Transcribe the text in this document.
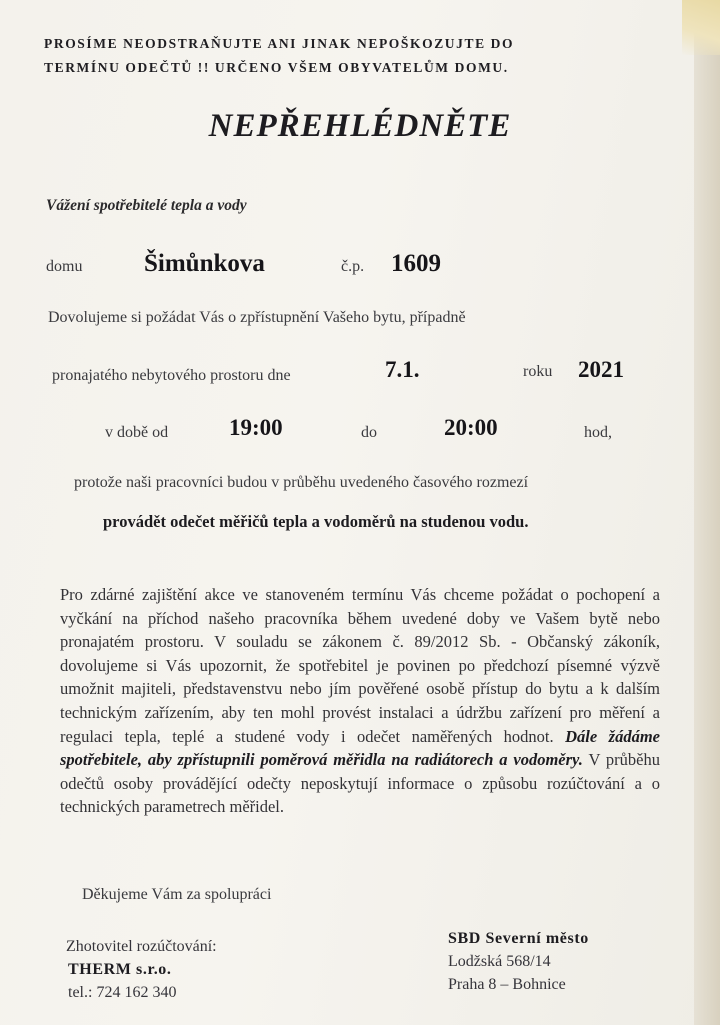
PROSÍME NEODSTRAŇUJTE ANI JINAK NEPOŠKOZUJTE DO
TERMÍNU ODEČTŮ !! URČENO VŠEM OBYVATELŮM DOMU.
NEPŘEHLÉDNĚTE
Vážení spotřebitelé tepla a vody
domu Šimůnkova	č.p. 1609
Dovolujeme si požádat Vás o zpřístupnění Vašeho bytu, případně
pronajatého nebytového prostoru dne	7.1.	roku 2021
v době od	19:00	do	20:00	hod,
protože naši pracovníci budou v průběhu uvedeného časového rozmezí
provádět odečet měřičů tepla a vodoměrů na studenou vodu.
Pro zdárné zajištění akce ve stanoveném termínu Vás chceme požádat o pochopení a vyčkání na příchod našeho pracovníka během uvedené doby ve Vašem bytě nebo pronajatém prostoru. V souladu se zákonem č. 89/2012 Sb. - Občanský zákoník, dovolujeme si Vás upozornit, že spotřebitel je povinen po předchozí písemné výzvě umožnit majiteli, představenstvu nebo jím pověřené osobě přístup do bytu a k dalším technickým zařízením, aby ten mohl provést instalaci a údržbu zařízení pro měření a regulaci tepla, teplé a studené vody i odečet naměřených hodnot. Dále žádáme spotřebitele, aby zpřístupnili poměrová měřidla na radiátorech a vodoměry. V průběhu odečtů osoby provádějící odečty neposkytují informace o způsobu rozúčtování a o technických parametrech měřidel.
Děkujeme Vám za spolupráci
Zhotovitel rozúčtování:
THERM s.r.o.
tel.: 724 162 340
SBD Severní město
Lodžská 568/14
Praha 8 – Bohnice
